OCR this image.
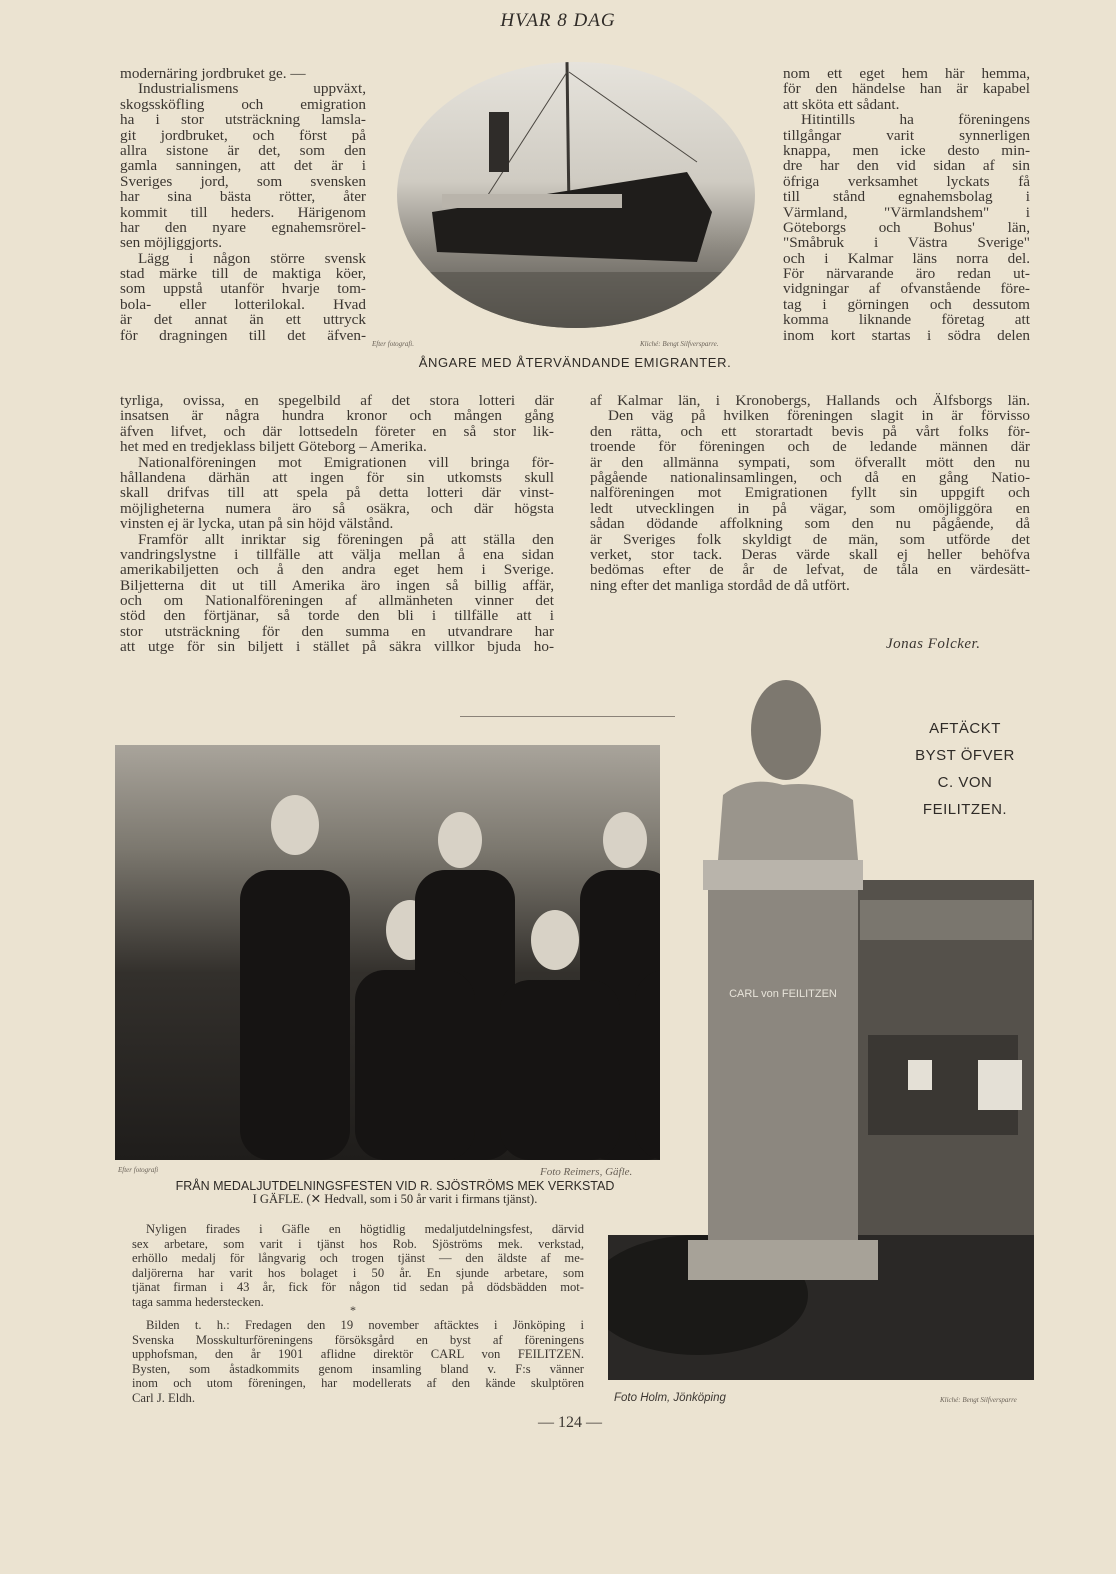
HVAR 8 DAG
modernäring jordbruket ge. —
Industrialismens uppväxt,
skogssköfling och emigration
ha i stor utsträckning lamsla-
git jordbruket, och först på
allra sistone är det, som den
gamla sanningen, att det är i
Sveriges jord, som svensken
har sina bästa rötter, åter
kommit till heders. Härigenom
har den nyare egnahemsrörel-
sen möjliggjorts.
Lägg i någon större svensk
stad märke till de maktiga köer,
som uppstå utanför hvarje tom-
bola- eller lotterilokal. Hvad
är det annat än ett uttryck
för dragningen till det äfven-
tyrliga, ovissa, en spegelbild af det stora lotteri där
insatsen är några hundra kronor och mången gång
äfven lifvet, och där lottsedeln företer en så stor lik-
het med en tredjeklass biljett Göteborg – Amerika.
Nationalföreningen mot Emigrationen vill bringa för-
hållandena därhän att ingen för sin utkomsts skull
skall drifvas till att spela på detta lotteri där vinst-
möjligheterna numera äro så osäkra, och där högsta
vinsten ej är lycka, utan på sin höjd välstånd.
Framför allt inriktar sig föreningen på att ställa den
vandringslystne i tillfälle att välja mellan å ena sidan
amerikabiljetten och å den andra eget hem i Sverige.
Biljetterna dit ut till Amerika äro ingen så billig affär,
och om Nationalföreningen af allmänheten vinner det
stöd den förtjänar, så torde den bli i tillfälle att i
stor utsträckning för den summa en utvandrare har
att utge för sin biljett i stället på säkra villkor bjuda ho-
nom ett eget hem här hemma,
för den händelse han är kapabel
att sköta ett sådant.
Hitintills ha föreningens
tillgångar varit synnerligen
knappa, men icke desto min-
dre har den vid sidan af sin
öfriga verksamhet lyckats få
till stånd egnahemsbolag i
Värmland, "Värmlandshem" i
Göteborgs och Bohus' län,
"Småbruk i Västra Sverige"
och i Kalmar läns norra del.
För närvarande äro redan ut-
vidgningar af ofvanstående före-
tag i görningen och dessutom
komma liknande företag att
inom kort startas i södra delen
af Kalmar län, i Kronobergs, Hallands och Älfsborgs län.
Den väg på hvilken föreningen slagit in är förvisso
den rätta, och ett storartadt bevis på vårt folks för-
troende för föreningen och de ledande männen där
är den allmänna sympati, som öfverallt mött den nu
pågående nationalinsamlingen, och då en gång Natio-
nalföreningen mot Emigrationen fyllt sin uppgift och
ledt utvecklingen in på vägar, som omöjliggöra en
sådan dödande affolkning som den nu pågående, då
är Sveriges folk skyldigt de män, som utförde det
verket, stor tack. Deras värde skall ej heller behöfva
bedömas efter de år de lefvat, de tåla en värdesätt-
ning efter det manliga stordåd de då utfört.
Jonas Folcker.
Efter fotografi.	Kliché: Bengt Silfversparre.
ÅNGARE MED ÅTERVÄNDANDE EMIGRANTER.
Efter fotografi	Foto Reimers, Gäfle.
FRÅN MEDALJUTDELNINGSFESTEN VID R. SJÖSTRÖMS MEK VERKSTAD
I GÄFLE. (✕ Hedvall, som i 50 år varit i firmans tjänst).
Nyligen firades i Gäfle en högtidlig medaljutdelningsfest, därvid
sex arbetare, som varit i tjänst hos Rob. Sjöströms mek. verkstad,
erhöllo medalj för långvarig och trogen tjänst — den äldste af me-
daljörerna har varit hos bolaget i 50 år. En sjunde arbetare, som
tjänat firman i 43 år, fick för någon tid sedan på dödsbädden mot-
taga samma hederstecken.
*
Bilden t. h.: Fredagen den 19 november aftäcktes i Jönköping i
Svenska Mosskulturföreningens försöksgård en byst af föreningens
upphofsman, den år 1901 aflidne direktör CARL von FEILITZEN.
Bysten, som åstadkommits genom insamling bland v. F:s vänner
inom och utom föreningen, har modellerats af den kände skulptören
Carl J. Eldh.
CARL von FEILITZEN
AFTÄCKT
BYST ÖFVER
C. VON
FEILITZEN.
Foto Holm, Jönköping	Kliché: Bengt Silfversparre
— 124 —
